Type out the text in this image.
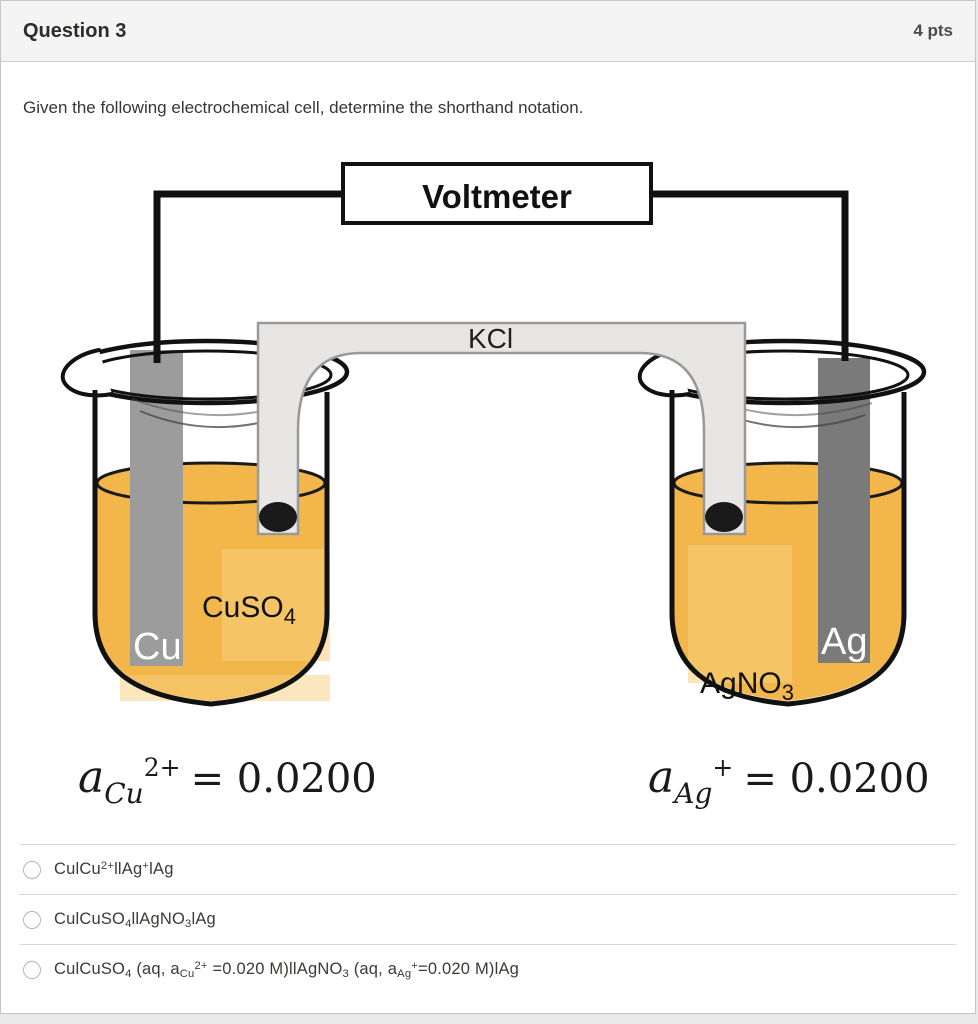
Question 3	4 pts
Given the following electrochemical cell, determine the shorthand notation.
CuSO$_4$
AgNO$_3$
Cu	Ag
KCl
Voltmeter
aCu2+ = 0.0200	aAg+ = 0.0200
CulCu$^{2+}$llAg+lAg
CulCuSO$_4$llAgNO$_3$lAg
CulCuSO$_4$ (aq, $a_{Cu}^{2+} =0.020$ M)llAgNO$_3$ (aq, $a_{Ag}^+=0.020$ M)lAg
